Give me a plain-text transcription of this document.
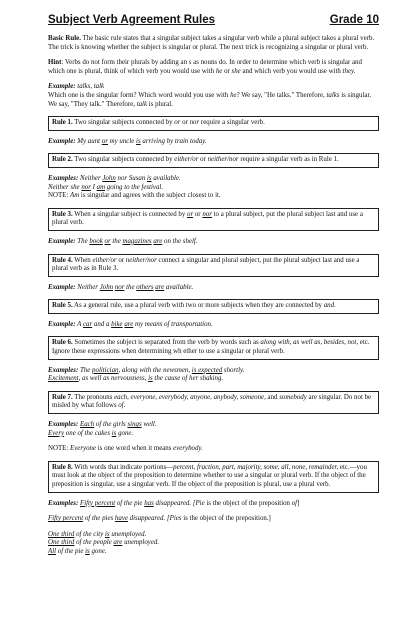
Subject Verb Agreement Rules	Grade 10

Basic Rule. The basic rule states that a singular subject takes a singular verb while a plural subject takes a plural verb. The trick is knowing whether the subject is singular or plural. The next trick is recognizing a singular or plural verb.

Hint: Verbs do not form their plurals by adding an s as nouns do. In order to determine which verb is singular and which one is plural, think of which verb you would use with he or she and which verb you would use with they.

Example: talks, talk
Which one is the singular form? Which word would you use with he? We say, "He talks." Therefore, talks is singular. We say, "They talk." Therefore, talk is plural.

Rule 1. Two singular subjects connected by or or nor require a singular verb.

Example: My aunt or my uncle is arriving by train today.

Rule 2. Two singular subjects connected by either/or or neither/nor require a singular verb as in Rule 1.

Examples: Neither John nor Susan is available.
Neither she nor I am going to the festival.
NOTE: Am is singular and agrees with the subject closest to it.

Rule 3. When a singular subject is connected by or or nor to a plural subject, put the plural subject last and use a plural verb.

Example: The book or the magazines are on the shelf.

Rule 4. When either/or or neither/nor connect a singular and plural subject, put the plural subject last and use a plural verb as in Rule 3.

Example: Neither John nor the others are available.

Rule 5. As a general rule, use a plural verb with two or more subjects when they are connected by and.

Example: A car and a bike are my means of transportation.

Rule 6. Sometimes the subject is separated from the verb by words such as along with, as well as, besides, not, etc. Ignore these expressions when determining wh ether to use a singular or plural verb.

Examples: The politician, along with the newsmen, is expected shortly.
Excitement, as well as nervousness, is the cause of her shaking.

Rule 7. The pronouns each, everyone, everybody, anyone, anybody, someone, and somebody are singular. Do not be misled by what follows of.

Examples: Each of the girls sings well.
Every one of the cakes is gone.

NOTE: Everyone is one word when it means everybody.

Rule 8. With words that indicate portions—percent, fraction, part, majority, some, all, none, remainder, etc.—you must look at the object of the preposition to determine whether to use a singular or plural verb. If the object of the preposition is singular, use a singular verb. If the object of the preposition is plural, use a plural verb.

Examples: Fifty percent of the pie has disappeared. [Pie is the object of the preposition of]

Fifty percent of the pies have disappeared. [Pies is the object of the preposition.]

One third of the city is unemployed.
One third of the people are unemployed.
All of the pie is gone.
